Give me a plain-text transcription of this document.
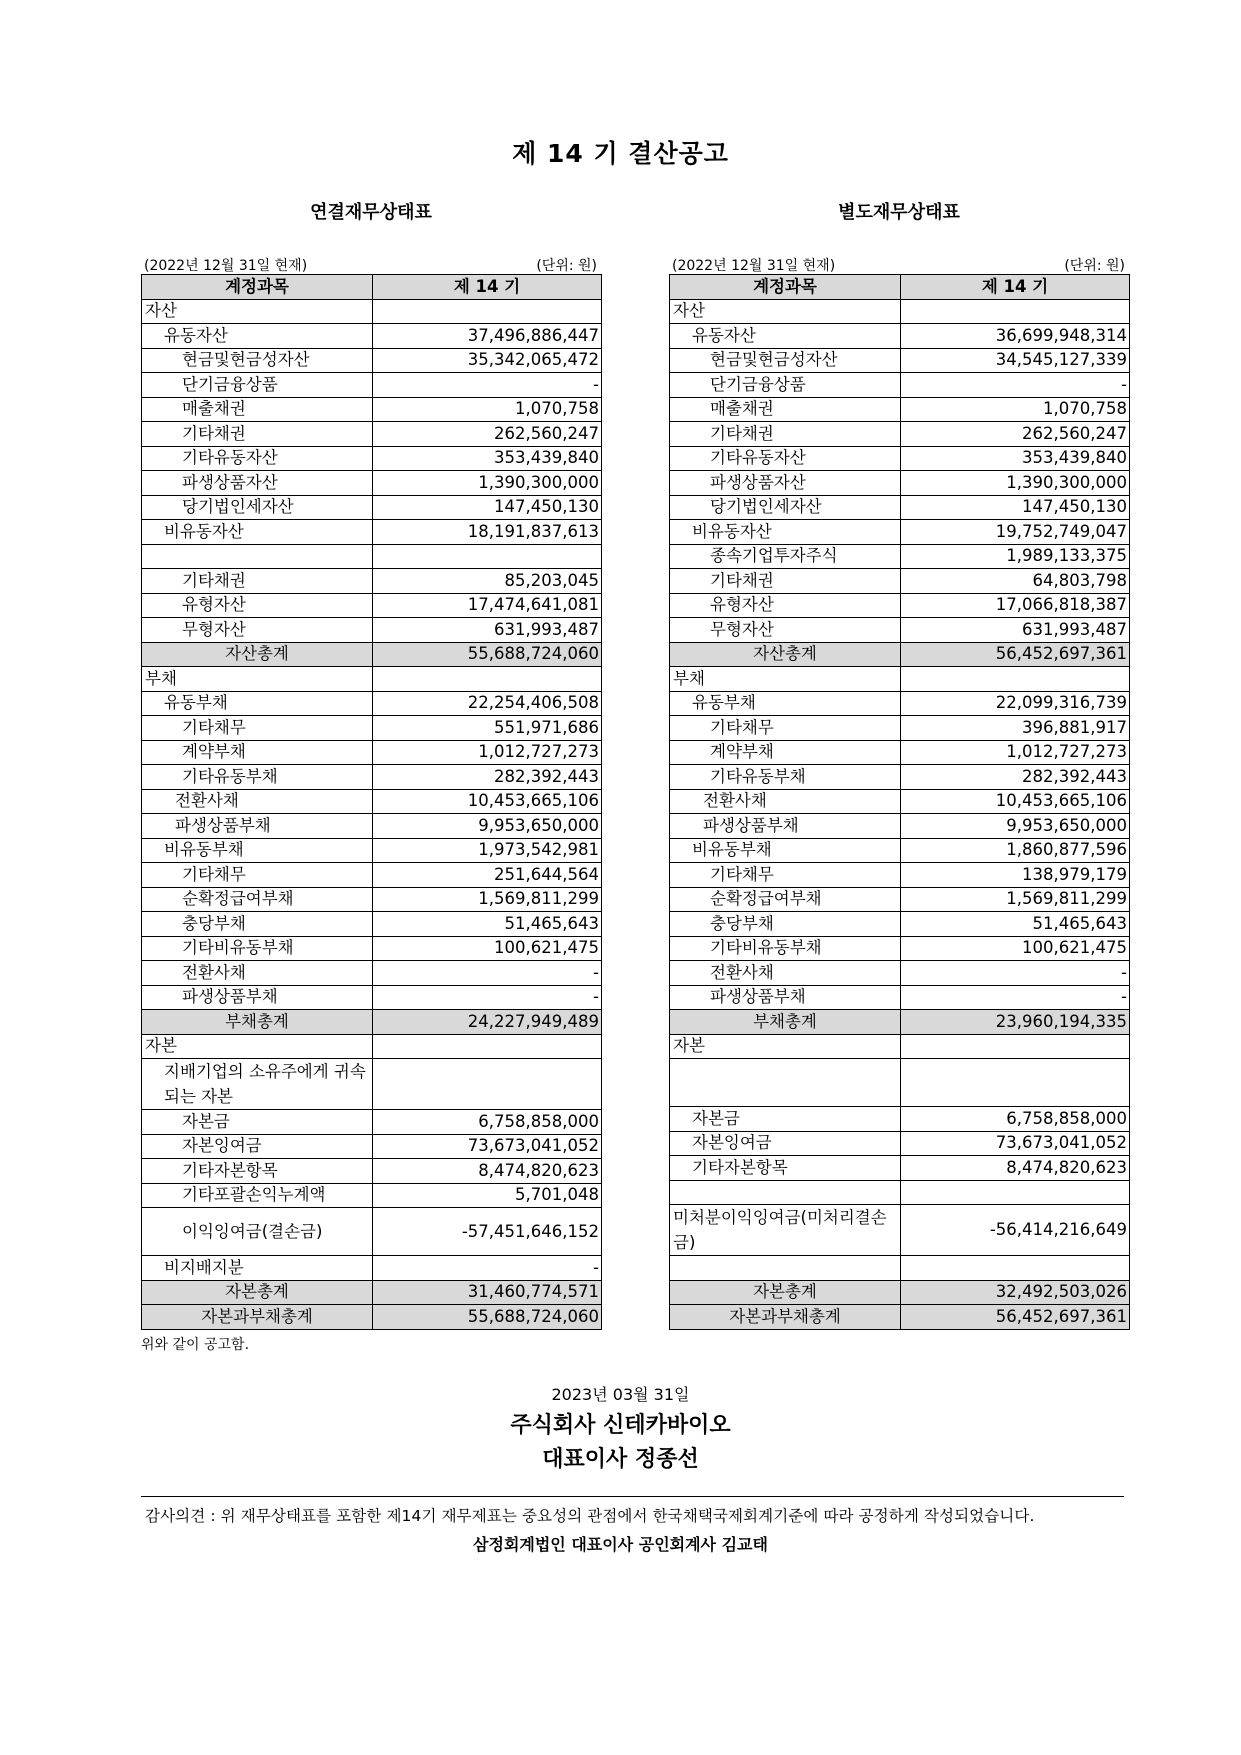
제 14 기 결산공고
연결재무상태표
(2022년 12월 31일 현재)	(단위: 원)
계정과목	제 14 기
자산	
유동자산	37,496,886,447
현금및현금성자산	35,342,065,472
단기금융상품	-
매출채권	1,070,758
기타채권	262,560,247
기타유동자산	353,439,840
파생상품자산	1,390,300,000
당기법인세자산	147,450,130
비유동자산	18,191,837,613

기타채권	85,203,045
유형자산	17,474,641,081
무형자산	631,993,487
자산총계	55,688,724,060
부채	
유동부채	22,254,406,508
기타채무	551,971,686
계약부채	1,012,727,273
기타유동부채	282,392,443
전환사채	10,453,665,106
파생상품부채	9,953,650,000
비유동부채	1,973,542,981
기타채무	251,644,564
순확정급여부채	1,569,811,299
충당부채	51,465,643
기타비유동부채	100,621,475
전환사채	-
파생상품부채	-
부채총계	24,227,949,489
자본	
지배기업의 소유주에게 귀속되는 자본	
자본금	6,758,858,000
자본잉여금	73,673,041,052
기타자본항목	8,474,820,623
기타포괄손익누계액	5,701,048
이익잉여금(결손금)	-57,451,646,152
비지배지분	-
자본총계	31,460,774,571
자본과부채총계	55,688,724,060
별도재무상태표
(2022년 12월 31일 현재)	(단위: 원)
계정과목	제 14 기
자산	
유동자산	36,699,948,314
현금및현금성자산	34,545,127,339
단기금융상품	-
매출채권	1,070,758
기타채권	262,560,247
기타유동자산	353,439,840
파생상품자산	1,390,300,000
당기법인세자산	147,450,130
비유동자산	19,752,749,047
종속기업투자주식	1,989,133,375
기타채권	64,803,798
유형자산	17,066,818,387
무형자산	631,993,487
자산총계	56,452,697,361
부채	
유동부채	22,099,316,739
기타채무	396,881,917
계약부채	1,012,727,273
기타유동부채	282,392,443
전환사채	10,453,665,106
파생상품부채	9,953,650,000
비유동부채	1,860,877,596
기타채무	138,979,179
순확정급여부채	1,569,811,299
충당부채	51,465,643
기타비유동부채	100,621,475
전환사채	-
파생상품부채	-
부채총계	23,960,194,335
자본	

자본금	6,758,858,000
자본잉여금	73,673,041,052
기타자본항목	8,474,820,623

미처분이익잉여금(미처리결손금)	-56,414,216,649

자본총계	32,492,503,026
자본과부채총계	56,452,697,361
위와 같이 공고함.
2023년 03월 31일
주식회사 신테카바이오
대표이사 정종선
감사의견 : 위 재무상태표를 포함한 제14기 재무제표는 중요성의 관점에서 한국채택국제회계기준에 따라 공정하게 작성되었습니다.
삼정회계법인 대표이사 공인회계사 김교태
